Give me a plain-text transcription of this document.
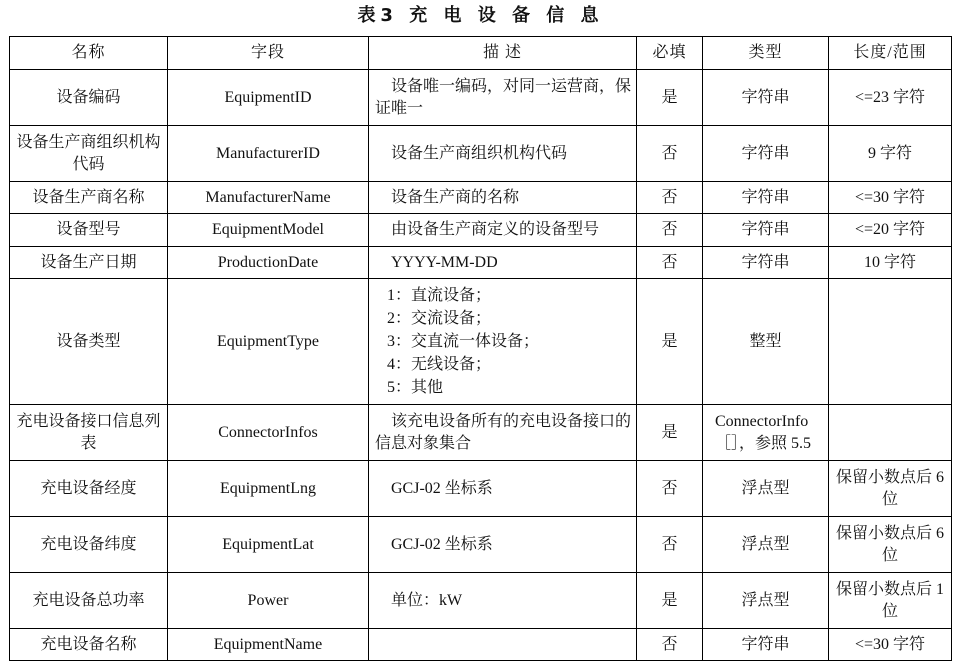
表3 充 电 设 备 信 息
名称	字段	描 述	必填	类型	长度/范围
设备编码	EquipmentID	设备唯一编码，对同一运营商，保证唯一	是	字符串	<=23 字符
设备生产商组织机构代码	ManufacturerID	设备生产商组织机构代码	否	字符串	9 字符
设备生产商名称	ManufacturerName	设备生产商的名称	否	字符串	<=30 字符
设备型号	EquipmentModel	由设备生产商定义的设备型号	否	字符串	<=20 字符
设备生产日期	ProductionDate	YYYY-MM-DD	否	字符串	10 字符
设备类型	EquipmentType	1：直流设备；
2：交流设备；
3：交直流一体设备；
4：无线设备；
5：其他	是	整型	
充电设备接口信息列表	ConnectorInfos	该充电设备所有的充电设备接口的信息对象集合	是	ConnectorInfo［］，参照 5.5	
充电设备经度	EquipmentLng	GCJ-02 坐标系	否	浮点型	保留小数点后 6 位
充电设备纬度	EquipmentLat	GCJ-02 坐标系	否	浮点型	保留小数点后 6 位
充电设备总功率	Power	单位：kW	是	浮点型	保留小数点后 1 位
充电设备名称	EquipmentName		否	字符串	<=30 字符
